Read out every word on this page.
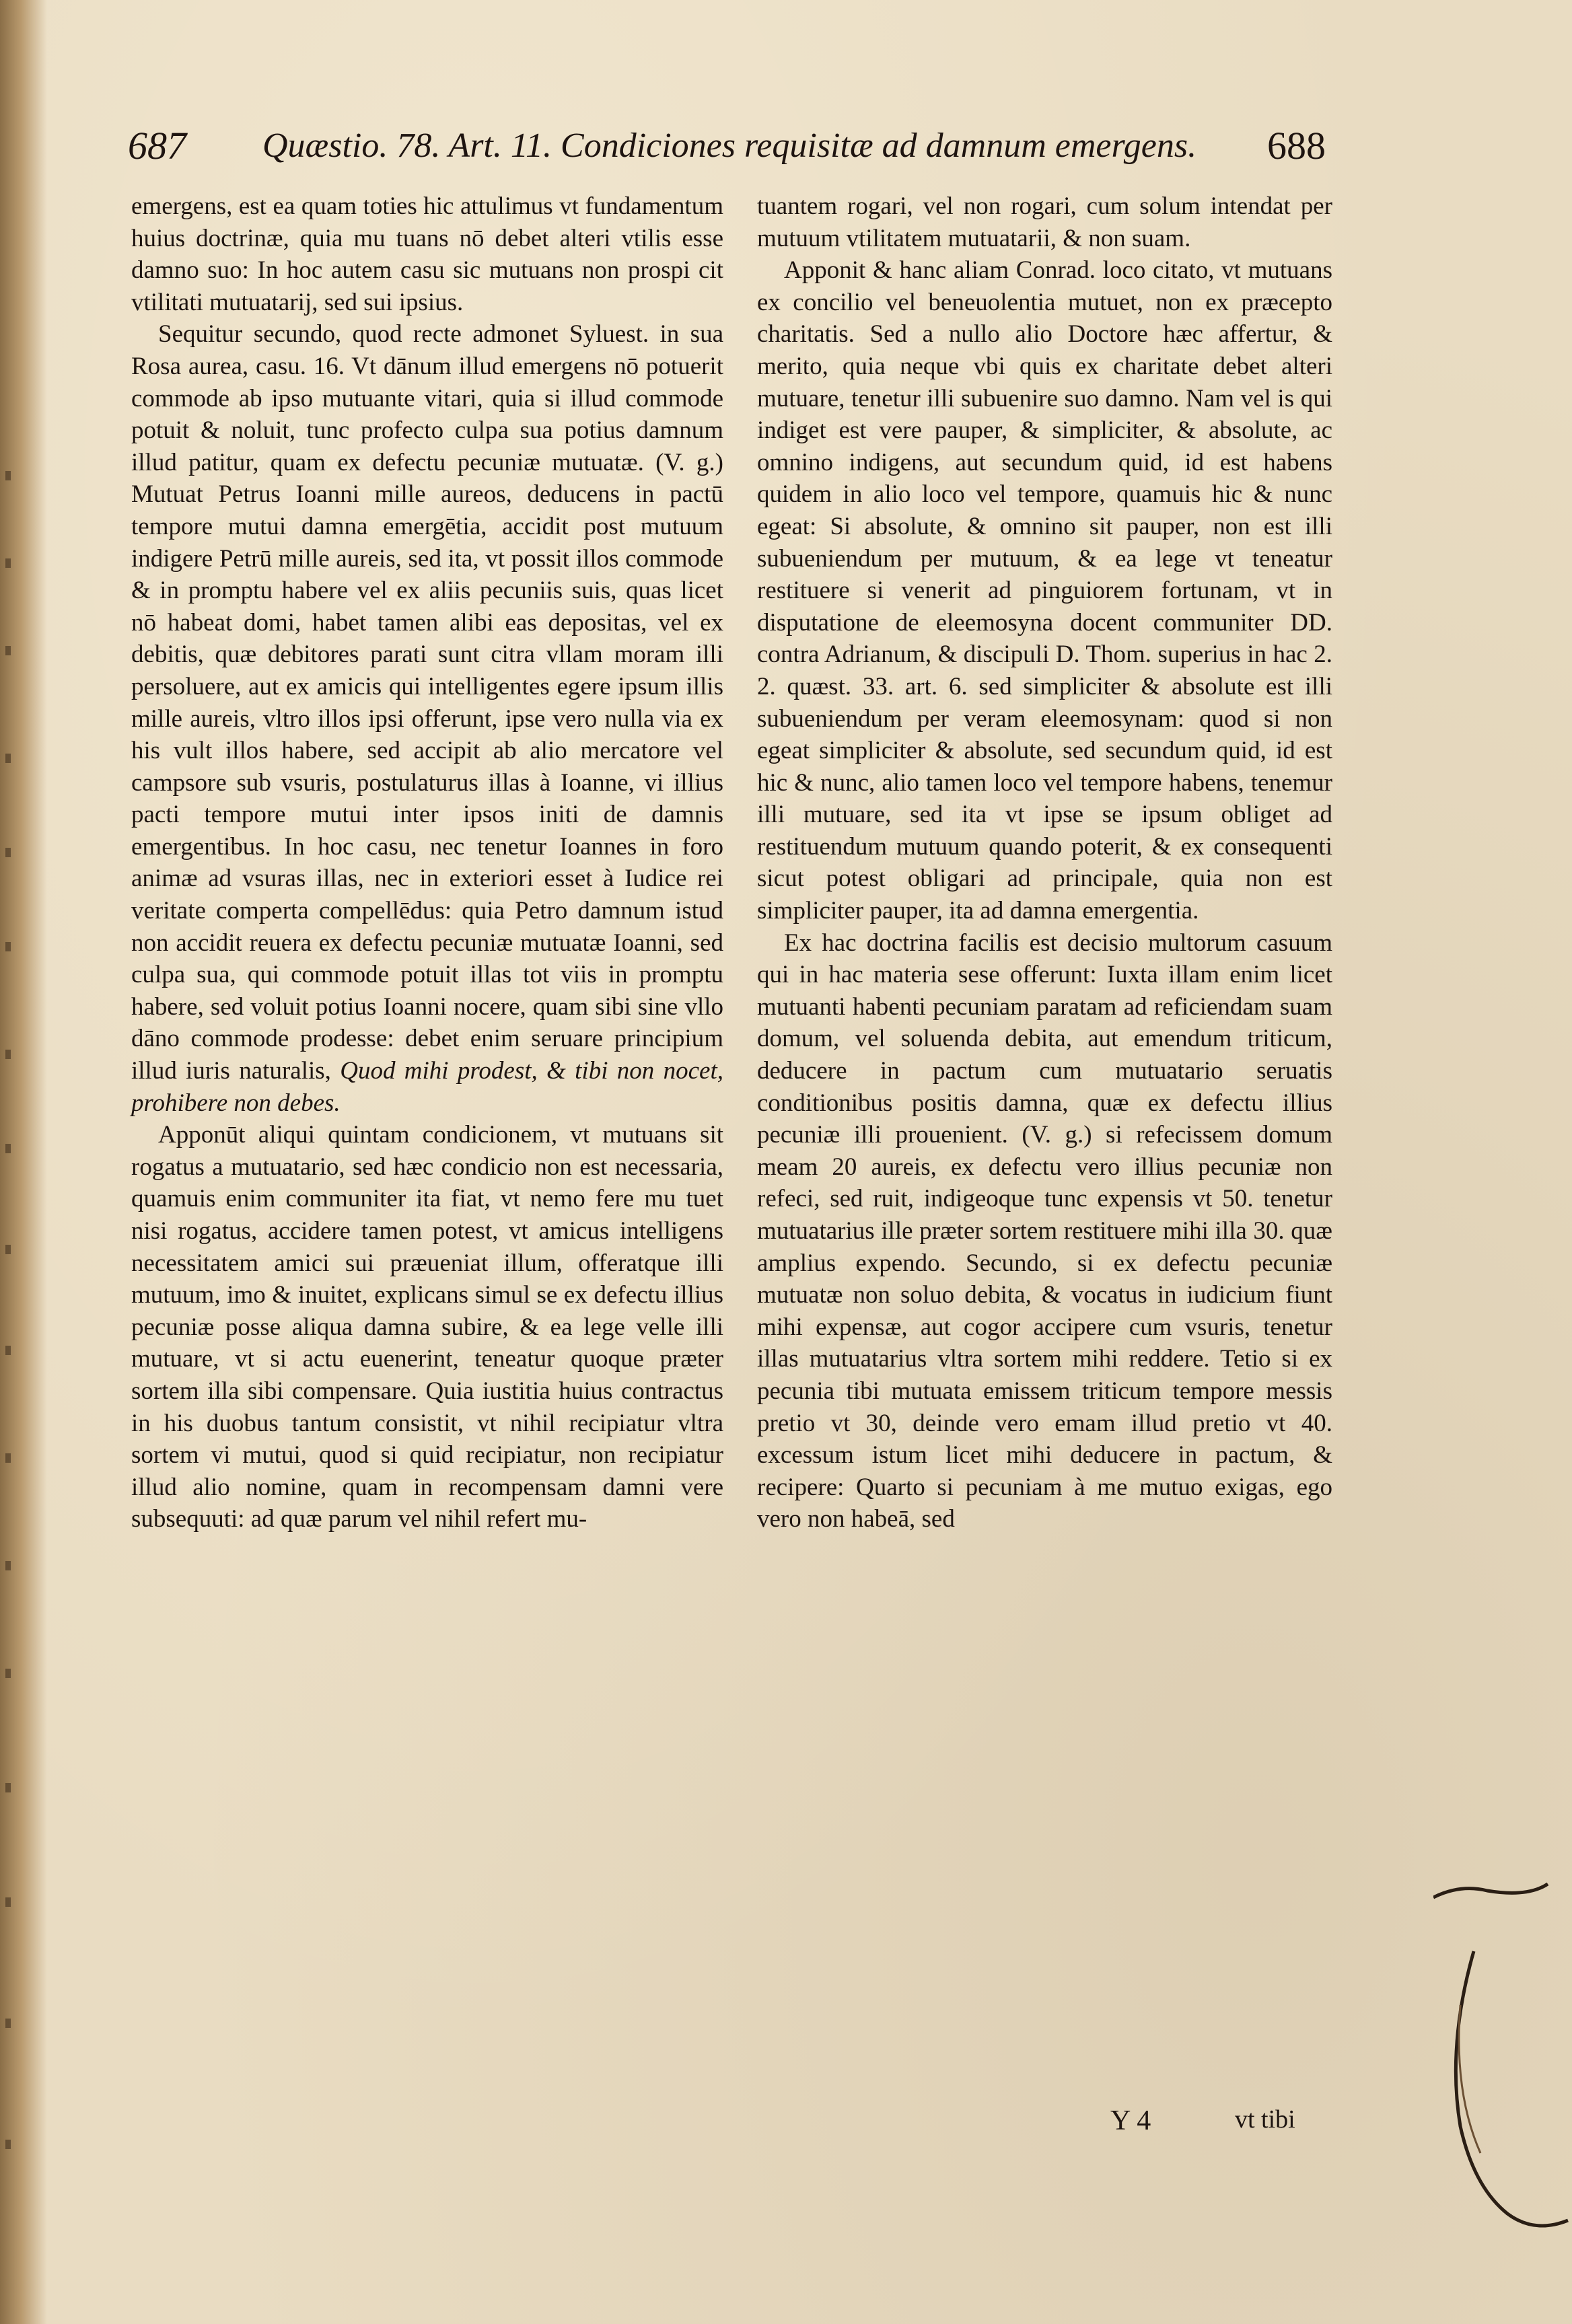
687 Quæstio. 78. Art. 11. Condiciones requisitæ ad damnum emergens. 688

emergens, est ea quam toties hic attulimus vt fundamentum huius doctrinæ, quia mu tuans nō debet alteri vtilis esse damno suo: In hoc autem casu sic mutuans non prospi cit vtilitati mutuatarij, sed sui ipsius.

Sequitur secundo, quod recte admonet Syluest. in sua Rosa aurea, casu. 16. Vt dānum illud emergens nō potuerit commode ab ipso mutuante vitari, quia si illud commode potuit & noluit, tunc profecto culpa sua potius damnum illud patitur, quam ex defectu pecuniæ mutuatæ. (V. g.) Mutuat Petrus Ioanni mille aureos, deducens in pactū tempore mutui damna emergētia, accidit post mutuum indigere Petrū mille aureis, sed ita, vt possit illos commode & in promptu habere vel ex aliis pecuniis suis, quas licet nō habeat domi, habet tamen alibi eas depositas, vel ex debitis, quæ debitores parati sunt citra vllam moram illi persoluere, aut ex amicis qui intelligentes egere ipsum illis mille aureis, vltro illos ipsi offerunt, ipse vero nulla via ex his vult illos habere, sed accipit ab alio mercatore vel campsore sub vsuris, postulaturus illas à Ioanne, vi illius pacti tempore mutui inter ipsos initi de damnis emergentibus. In hoc casu, nec tenetur Ioannes in foro animæ ad vsuras illas, nec in exteriori esset à Iudice rei veritate comperta compellēdus: quia Petro damnum istud non accidit reuera ex defectu pecuniæ mutuatæ Ioanni, sed culpa sua, qui commode potuit illas tot viis in promptu habere, sed voluit potius Ioanni nocere, quam sibi sine vllo dāno commode prodesse: debet enim seruare principium illud iuris naturalis, Quod mihi prodest, & tibi non nocet, prohibere non debes.

Apponūt aliqui quintam condicionem, vt mutuans sit rogatus a mutuatario, sed hæc condicio non est necessaria, quamuis enim communiter ita fiat, vt nemo fere mu tuet nisi rogatus, accidere tamen potest, vt amicus intelligens necessitatem amici sui præueniat illum, offeratque illi mutuum, imo & inuitet, explicans simul se ex defectu illius pecuniæ posse aliqua damna subire, & ea lege velle illi mutuare, vt si actu euenerint, teneatur quoque præter sortem illa sibi compensare. Quia iustitia huius contractus in his duobus tantum consistit, vt nihil recipiatur vltra sortem vi mutui, quod si quid recipiatur, non recipiatur illud alio nomine, quam in recompensam damni vere subsequuti: ad quæ parum vel nihil refert mu-

tuantem rogari, vel non rogari, cum solum intendat per mutuum vtilitatem mutuatarii, & non suam.

Apponit & hanc aliam Conrad. loco citato, vt mutuans ex concilio vel beneuolentia mutuet, non ex præcepto charitatis. Sed a nullo alio Doctore hæc affertur, & merito, quia neque vbi quis ex charitate debet alteri mutuare, tenetur illi subuenire suo damno. Nam vel is qui indiget est vere pauper, & simpliciter, & absolute, ac omnino indigens, aut secundum quid, id est habens quidem in alio loco vel tempore, quamuis hic & nunc egeat: Si absolute, & omnino sit pauper, non est illi subueniendum per mutuum, & ea lege vt teneatur restituere si venerit ad pinguiorem fortunam, vt in disputatione de eleemosyna docent communiter DD. contra Adrianum, & discipuli D. Thom. superius in hac 2. 2. quæst. 33. art. 6. sed simpliciter & absolute est illi subueniendum per veram eleemosynam: quod si non egeat simpliciter & absolute, sed secundum quid, id est hic & nunc, alio tamen loco vel tempore habens, tenemur illi mutuare, sed ita vt ipse se ipsum obliget ad restituendum mutuum quando poterit, & ex consequenti sicut potest obligari ad principale, quia non est simpliciter pauper, ita ad damna emergentia.

Ex hac doctrina facilis est decisio multorum casuum qui in hac materia sese offerunt: Iuxta illam enim licet mutuanti habenti pecuniam paratam ad reficiendam suam domum, vel soluenda debita, aut emendum triticum, deducere in pactum cum mutuatario seruatis conditionibus positis damna, quæ ex defectu illius pecuniæ illi prouenient. (V. g.) si refecissem domum meam 20 aureis, ex defectu vero illius pecuniæ non refeci, sed ruit, indigeoque tunc expensis vt 50. tenetur mutuatarius ille præter sortem restituere mihi illa 30. quæ amplius expendo. Secundo, si ex defectu pecuniæ mutuatæ non soluo debita, & vocatus in iudicium fiunt mihi expensæ, aut cogor accipere cum vsuris, tenetur illas mutuatarius vltra sortem mihi reddere. Tetio si ex pecunia tibi mutuata emissem triticum tempore messis pretio vt 30, deinde vero emam illud pretio vt 40. excessum istum licet mihi deducere in pactum, & recipere: Quarto si pecuniam à me mutuo exigas, ego vero non habeā, sed

Y 4	vt tibi
